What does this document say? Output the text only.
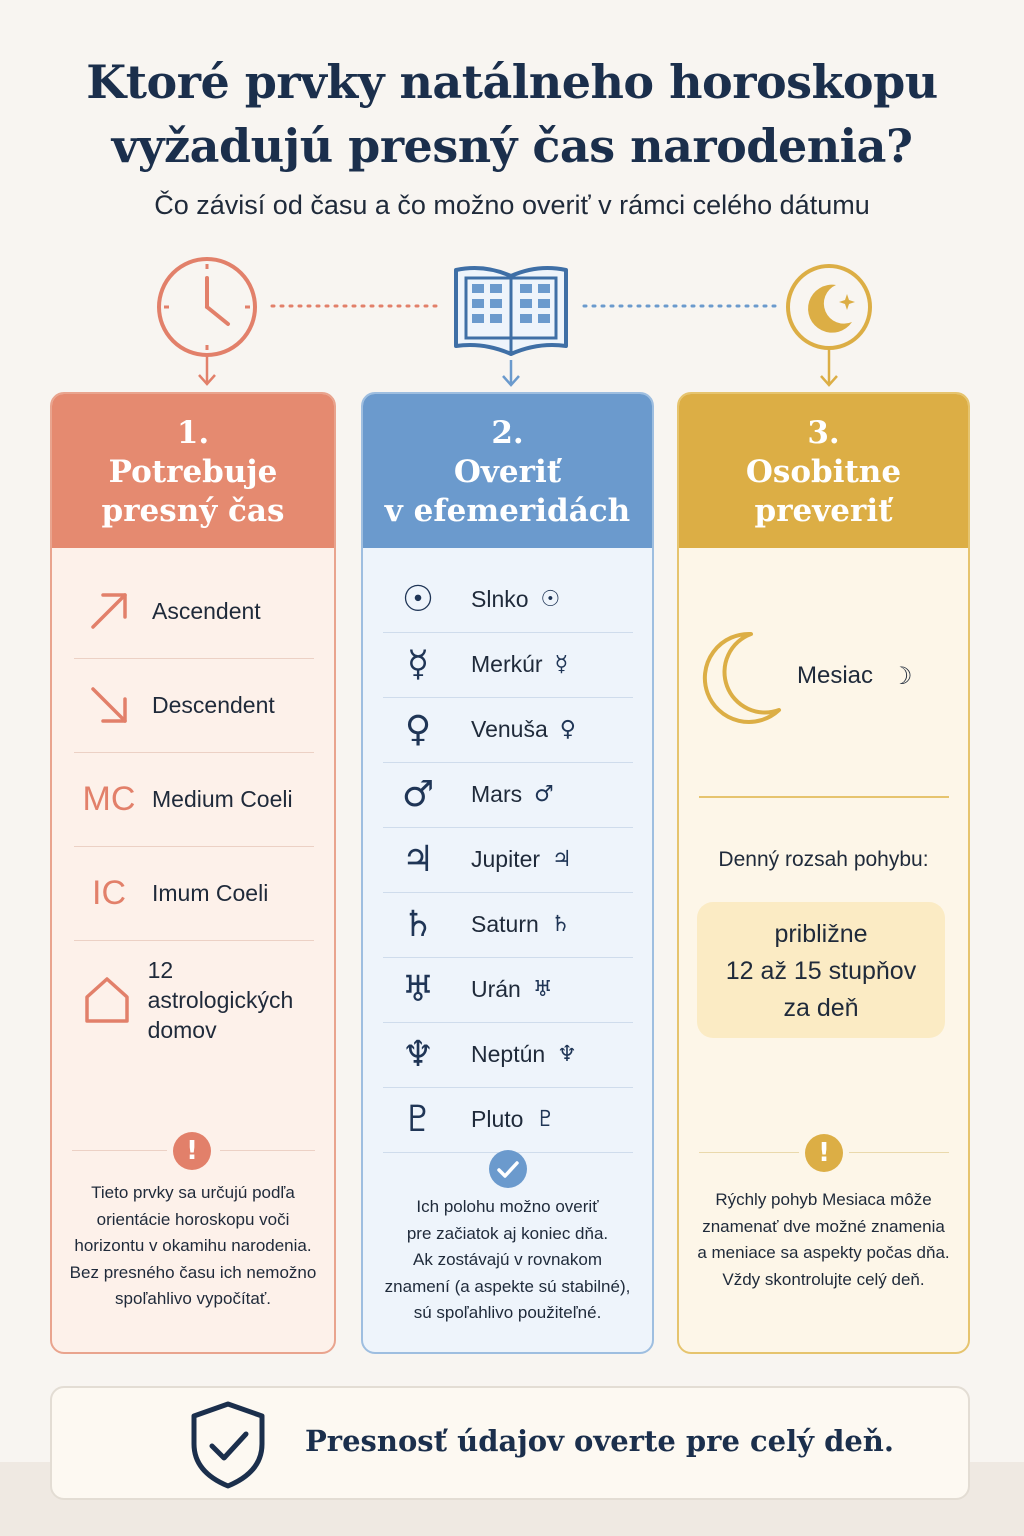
Ktoré prvky natálneho horoskopu
vyžadujú presný čas narodenia?
Čo závisí od času a čo možno overiť v rámci celého dátumu
1.
Potrebuje
presný čas
Ascendent
Descendent
MC Medium Coeli
IC	Imum Coeli
12 astrologických
domov
!
Tieto prvky sa určujú podľa
orientácie horoskopu voči
horizontu v okamihu narodenia.
Bez presného času ich nemožno
spoľahlivo vypočítať.
2.
Overiť
v efemeridách
☉	Slnko ☉
☿	Merkúr ☿
♀	Venuša ♀
♂	Mars ♂
♃	Jupiter ♃
♄	Saturn ♄
♅	Urán ♅
♆	Neptún ♆
♇	Pluto ♇
Ich polohu možno overiť
pre začiatok aj koniec dňa.
Ak zostávajú v rovnakom
znamení (a aspekte sú stabilné),
sú spoľahlivo použiteľné.
3.
Osobitne
preveriť
Mesiac ☽
Denný rozsah pohybu:
približne
12 až 15 stupňov
za deň
!
Rýchly pohyb Mesiaca môže
znamenať dve možné znamenia
a meniace sa aspekty počas dňa.
Vždy skontrolujte celý deň.
Presnosť údajov overte pre celý deň.
